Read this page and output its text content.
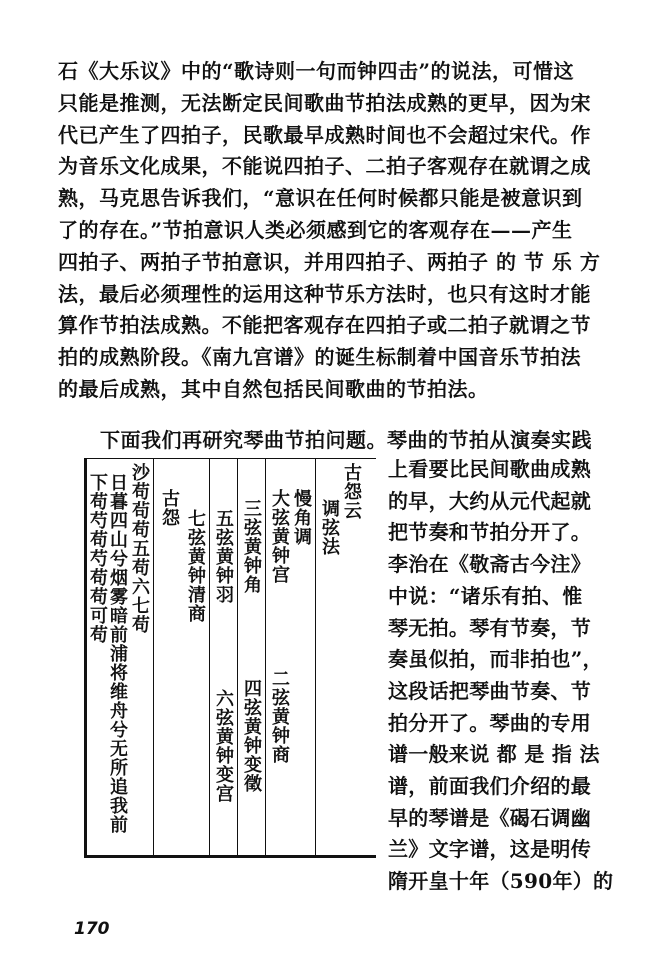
石《大乐议》中的“歌诗则一句而钟四击”的说法，可惜这
只能是推测，无法断定民间歌曲节拍法成熟的更早，因为宋
代已产生了四拍子，民歌最早成熟时间也不会超过宋代。作
为音乐文化成果，不能说四拍子、二拍子客观存在就谓之成
熟，马克思告诉我们，“意识在任何时候都只能是被意识到
了的存在。”节拍意识人类必须感到它的客观存在——产生
四拍子、两拍子节拍意识，并用四拍子、两拍子 的 节 乐 方
法，最后必须理性的运用这种节乐方法时，也只有这时才能
算作节拍法成熟。不能把客观存在四拍子或二拍子就谓之节
拍的成熟阶段。《南九宫谱》的诞生标制着中国音乐节拍法
的最后成熟，其中自然包括民间歌曲的节拍法。
下面我们再研究琴曲节拍问题。琴曲的节拍从演奏实践
古怨云
调弦法
慢角调
大弦黄钟宫
二弦黄钟商
三弦黄钟角
四弦黄钟变徵
五弦黄钟羽
六弦黄钟变宫
七弦黄钟清商
古怨
沙苟茍苟五苟六七苟
日暮四山兮烟雾暗前浦将维舟兮无所追我前
下苟芍苟芍苟苟可苟
上看要比民间歌曲成熟
的早，大约从元代起就
把节奏和节拍分开了。
李治在《敬斋古今注》
中说：“诸乐有拍、惟
琴无拍。琴有节奏，节
奏虽似拍，而非拍也”，
这段话把琴曲节奏、节
拍分开了。琴曲的专用
谱一般来说 都 是 指 法
谱，前面我们介绍的最
早的琴谱是《碣石调幽
兰》文字谱，这是明传
隋开皇十年（590年）的
170
